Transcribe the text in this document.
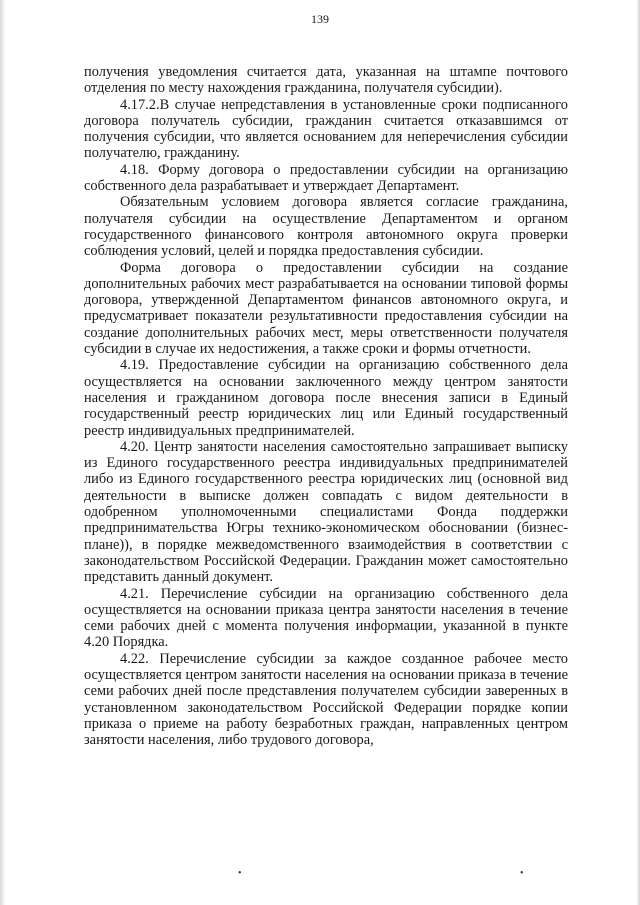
139

получения уведомления считается дата, указанная на штампе почтового отделения по месту нахождения гражданина, получателя субсидии).

4.17.2.В случае непредставления в установленные сроки подписанного договора получатель субсидии, гражданин считается отказавшимся от получения субсидии, что является основанием для неперечисления субсидии получателю, гражданину.

4.18. Форму договора о предоставлении субсидии на организацию собственного дела разрабатывает и утверждает Департамент.

Обязательным условием договора является согласие гражданина, получателя субсидии на осуществление Департаментом и органом государственного финансового контроля автономного округа проверки соблюдения условий, целей и порядка предоставления субсидии.

Форма договора о предоставлении субсидии на создание дополнительных рабочих мест разрабатывается на основании типовой формы договора, утвержденной Департаментом финансов автономного округа, и предусматривает показатели результативности предоставления субсидии на создание дополнительных рабочих мест, меры ответственности получателя субсидии в случае их недостижения, а также сроки и формы отчетности.

4.19. Предоставление субсидии на организацию собственного дела осуществляется на основании заключенного между центром занятости населения и гражданином договора после внесения записи в Единый государственный реестр юридических лиц или Единый государственный реестр индивидуальных предпринимателей.

4.20. Центр занятости населения самостоятельно запрашивает выписку из Единого государственного реестра индивидуальных предпринимателей либо из Единого государственного реестра юридических лиц (основной вид деятельности в выписке должен совпадать с видом деятельности в одобренном уполномоченными специалистами Фонда поддержки предпринимательства Югры технико-экономическом обосновании (бизнес-плане)), в порядке межведомственного взаимодействия в соответствии с законодательством Российской Федерации. Гражданин может самостоятельно представить данный документ.

4.21. Перечисление субсидии на организацию собственного дела осуществляется на основании приказа центра занятости населения в течение семи рабочих дней с момента получения информации, указанной в пункте 4.20 Порядка.

4.22. Перечисление субсидии за каждое созданное рабочее место осуществляется центром занятости населения на основании приказа в течение семи рабочих дней после представления получателем субсидии заверенных в установленном законодательством Российской Федерации порядке копии приказа о приеме на работу безработных граждан, направленных центром занятости населения, либо трудового договора,

•	•
